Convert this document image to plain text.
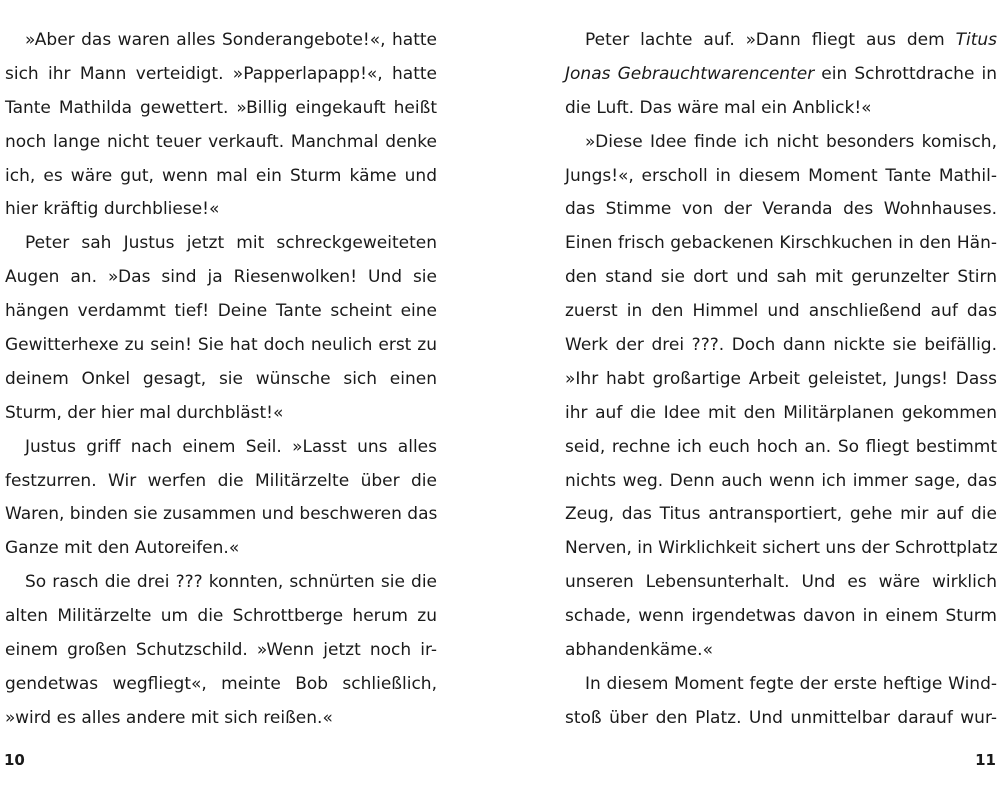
»Aber das waren alles Sonderangebote!«, hatte
sich ihr Mann verteidigt. »Papperlapapp!«, hatte
Tante Mathilda gewettert. »Billig eingekauft heißt
noch lange nicht teuer verkauft. Manchmal denke
ich, es wäre gut, wenn mal ein Sturm käme und
hier kräftig durchbliese!«
Peter sah Justus jetzt mit schreckgeweiteten
Augen an. »Das sind ja Riesenwolken! Und sie
hängen verdammt tief! Deine Tante scheint eine
Gewitterhexe zu sein! Sie hat doch neulich erst zu
deinem Onkel gesagt, sie wünsche sich einen
Sturm, der hier mal durchbläst!«
Justus griff nach einem Seil. »Lasst uns alles
festzurren. Wir werfen die Militärzelte über die
Waren, binden sie zusammen und beschweren das
Ganze mit den Autoreifen.«
So rasch die drei ??? konnten, schnürten sie die
alten Militärzelte um die Schrottberge herum zu
einem großen Schutzschild. »Wenn jetzt noch ir-
gendetwas wegfliegt«, meinte Bob schließlich,
»wird es alles andere mit sich reißen.«
10
Peter lachte auf. »Dann fliegt aus dem Titus
Jonas Gebrauchtwarencenter ein Schrottdrache in
die Luft. Das wäre mal ein Anblick!«
»Diese Idee finde ich nicht besonders komisch,
Jungs!«, erscholl in diesem Moment Tante Mathil-
das Stimme von der Veranda des Wohnhauses.
Einen frisch gebackenen Kirschkuchen in den Hän-
den stand sie dort und sah mit gerunzelter Stirn
zuerst in den Himmel und anschließend auf das
Werk der drei ???. Doch dann nickte sie beifällig.
»Ihr habt großartige Arbeit geleistet, Jungs! Dass
ihr auf die Idee mit den Militärplanen gekommen
seid, rechne ich euch hoch an. So fliegt bestimmt
nichts weg. Denn auch wenn ich immer sage, das
Zeug, das Titus antransportiert, gehe mir auf die
Nerven, in Wirklichkeit sichert uns der Schrottplatz
unseren Lebensunterhalt. Und es wäre wirklich
schade, wenn irgendetwas davon in einem Sturm
abhandenkäme.«
In diesem Moment fegte der erste heftige Wind-
stoß über den Platz. Und unmittelbar darauf wur-
11
